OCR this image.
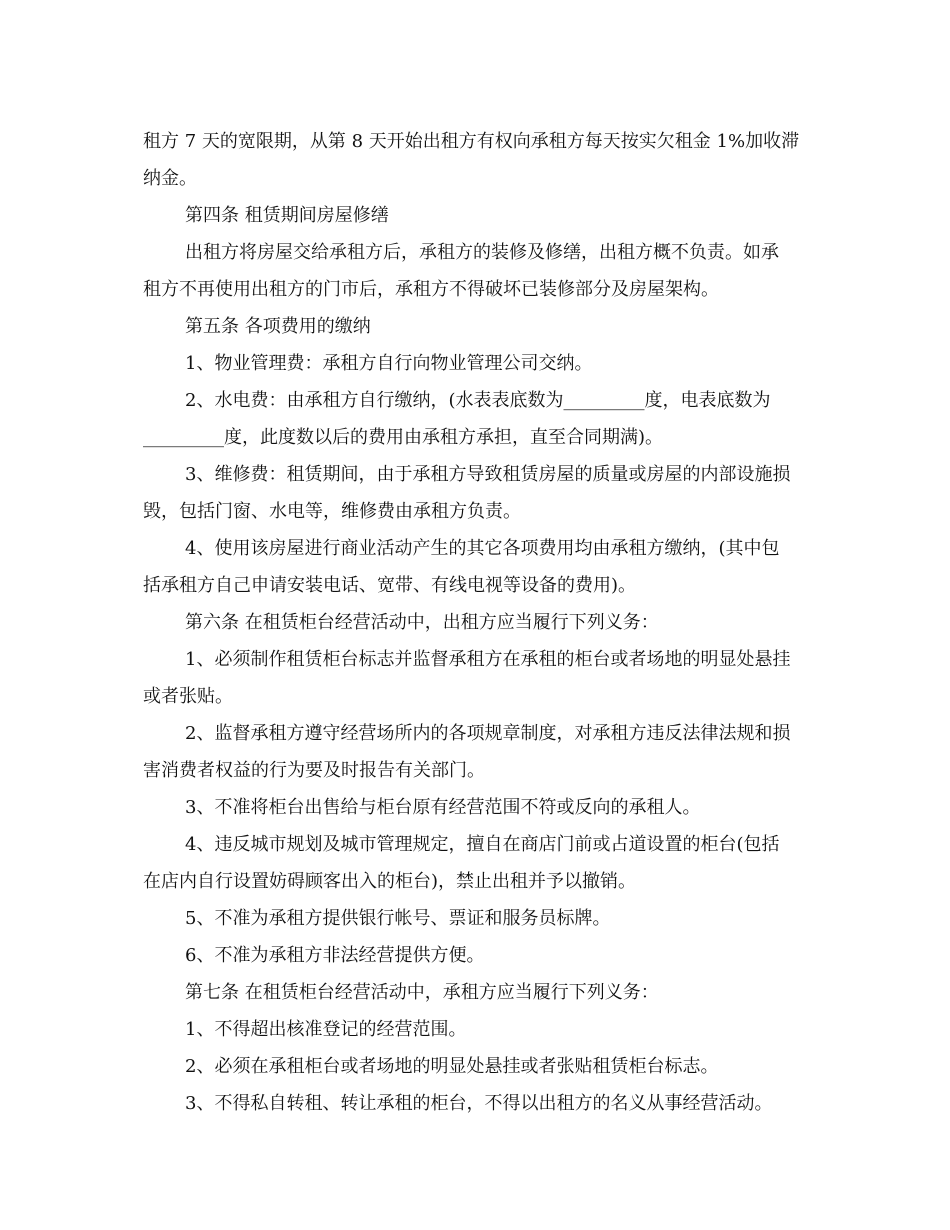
租方 7 天的宽限期，从第 8 天开始出租方有权向承租方每天按实欠租金 1%加收滞
纳金。
第四条 租赁期间房屋修缮
出租方将房屋交给承租方后，承租方的装修及修缮，出租方概不负责。如承
租方不再使用出租方的门市后，承租方不得破坏已装修部分及房屋架构。
第五条 各项费用的缴纳
1、物业管理费：承租方自行向物业管理公司交纳。
2、水电费：由承租方自行缴纳，(水表表底数为_________度，电表底数为
_________度，此度数以后的费用由承租方承担，直至合同期满)。
3、维修费：租赁期间，由于承租方导致租赁房屋的质量或房屋的内部设施损
毁，包括门窗、水电等，维修费由承租方负责。
4、使用该房屋进行商业活动产生的其它各项费用均由承租方缴纳，(其中包
括承租方自己申请安装电话、宽带、有线电视等设备的费用)。
第六条 在租赁柜台经营活动中，出租方应当履行下列义务：
1、必须制作租赁柜台标志并监督承租方在承租的柜台或者场地的明显处悬挂
或者张贴。
2、监督承租方遵守经营场所内的各项规章制度，对承租方违反法律法规和损
害消费者权益的行为要及时报告有关部门。
3、不准将柜台出售给与柜台原有经营范围不符或反向的承租人。
4、违反城市规划及城市管理规定，擅自在商店门前或占道设置的柜台(包括
在店内自行设置妨碍顾客出入的柜台)，禁止出租并予以撤销。
5、不准为承租方提供银行帐号、票证和服务员标牌。
6、不准为承租方非法经营提供方便。
第七条 在租赁柜台经营活动中，承租方应当履行下列义务：
1、不得超出核准登记的经营范围。
2、必须在承租柜台或者场地的明显处悬挂或者张贴租赁柜台标志。
3、不得私自转租、转让承租的柜台，不得以出租方的名义从事经营活动。
